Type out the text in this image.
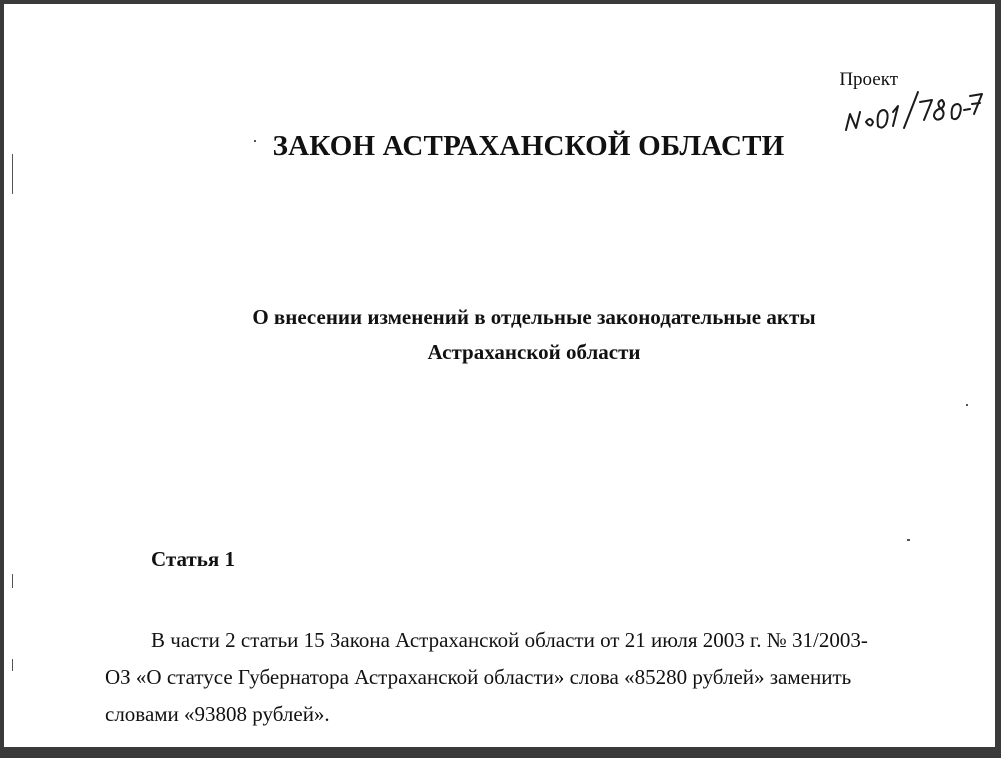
Проект
ЗАКОН АСТРАХАНСКОЙ ОБЛАСТИ
О внесении изменений в отдельные законодательные акты
Астраханской области
Статья 1
В части 2 статьи 15 Закона Астраханской области от 21 июля 2003 г. № 31/2003-
ОЗ «О статусе Губернатора Астраханской области» слова «85280 рублей» заменить
словами «93808 рублей».
